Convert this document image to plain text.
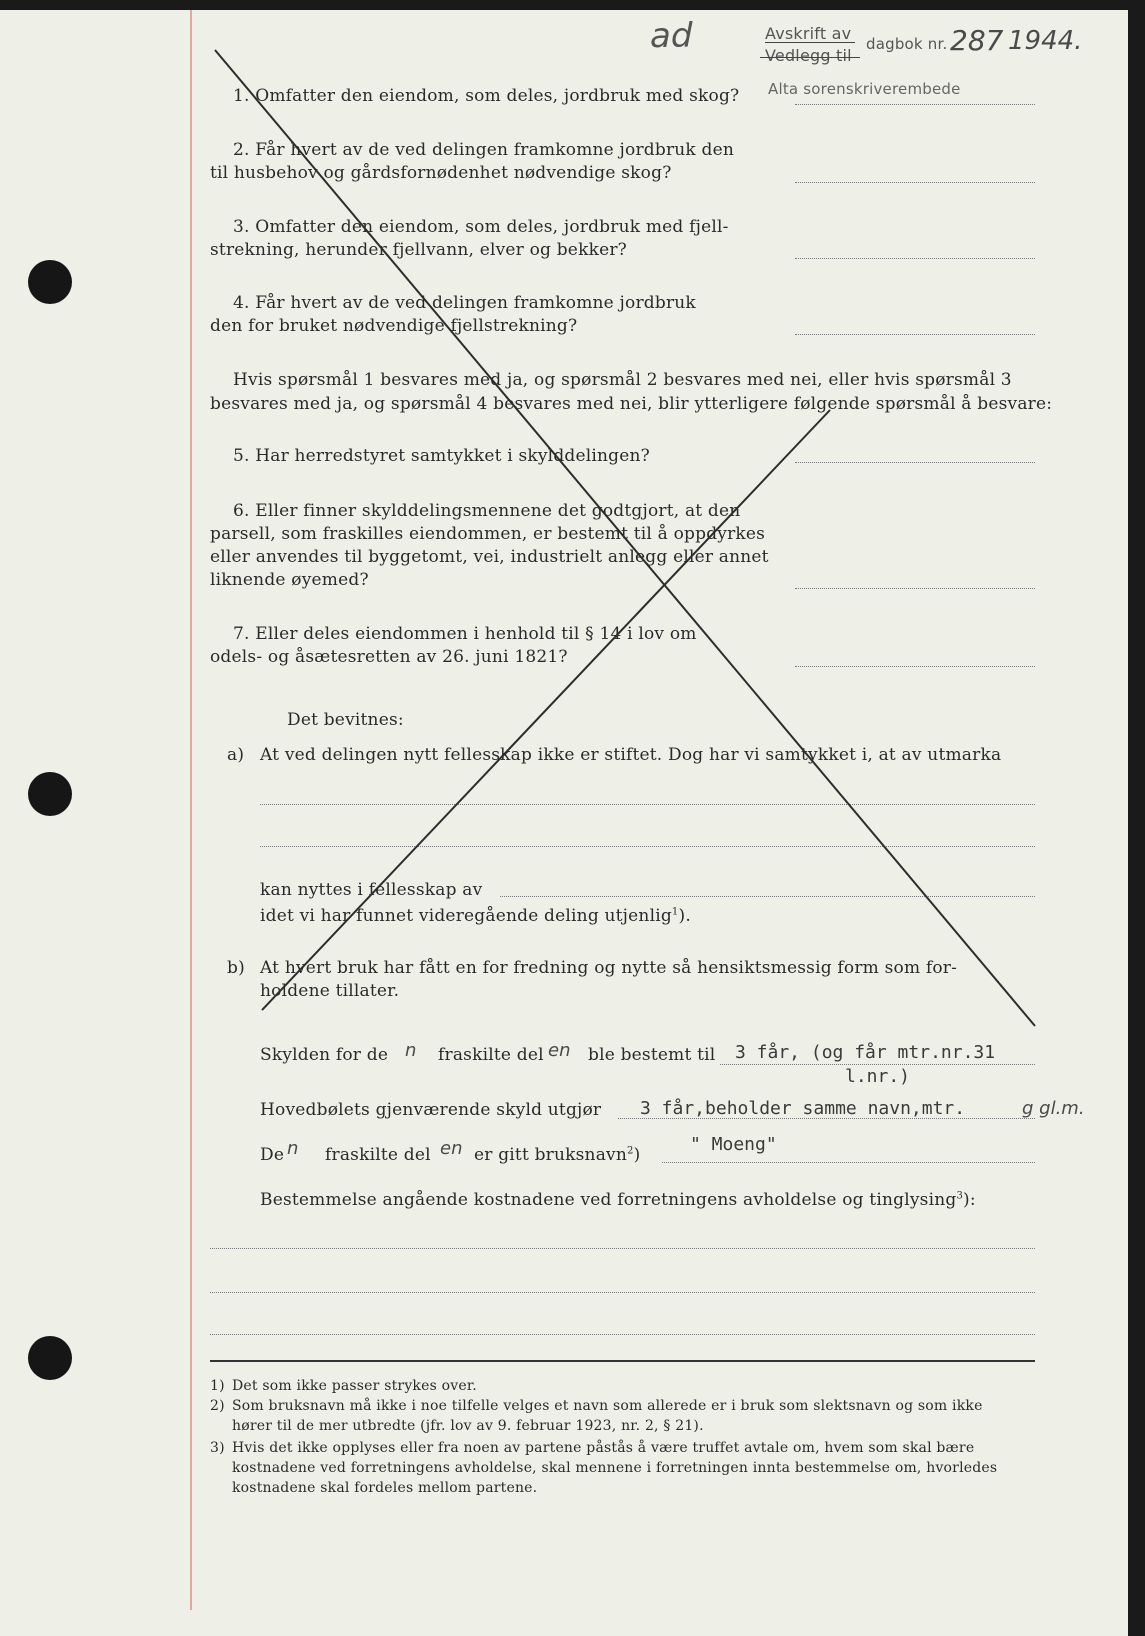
ad	Avskrift av
Vedlegg til
dagbok nr. 287 1944.
Alta sorenskriverembede
1. Omfatter den eiendom, som deles, jordbruk med skog?
2. Får hvert av de ved delingen framkomne jordbruk den
til husbehov og gårdsfornødenhet nødvendige skog?
3. Omfatter den eiendom, som deles, jordbruk med fjell-
strekning, herunder fjellvann, elver og bekker?
4. Får hvert av de ved delingen framkomne jordbruk
den for bruket nødvendige fjellstrekning?
Hvis spørsmål 1 besvares med ja, og spørsmål 2 besvares med nei, eller hvis spørsmål 3
besvares med ja, og spørsmål 4 besvares med nei, blir ytterligere følgende spørsmål å besvare:
5. Har herredstyret samtykket i skylddelingen?
6. Eller finner skylddelingsmennene det godtgjort, at den
parsell, som fraskilles eiendommen, er bestemt til å oppdyrkes
eller anvendes til byggetomt, vei, industrielt anlegg eller annet
liknende øyemed?
7. Eller deles eiendommen i henhold til § 14 i lov om
odels- og åsætesretten av 26. juni 1821?
Det bevitnes:
a) At ved delingen nytt fellesskap ikke er stiftet. Dog har vi samtykket i, at av utmarka
kan nyttes i fellesskap av
idet vi har funnet videregående deling utjenlig$^1$).
b) At hvert bruk har fått en for fredning og nytte så hensiktsmessig form som for-
holdene tillater.
Skylden for de n fraskilte del en ble bestemt til 3 får, (og får mtr.nr.31
l.nr.)
Hovedbølets gjenværende skyld utgjør 3 får,beholder samme navn,mtr.	g gl.m.
De n fraskilte del en er gitt bruksnavn$^2$)	" Moeng"
Bestemmelse angående kostnadene ved forretningens avholdelse og tinglysing$^3$):
1) Det som ikke passer strykes over.
2) Som bruksnavn må ikke i noe tilfelle velges et navn som allerede er i bruk som slektsnavn og som ikke
hører til de mer utbredte (jfr. lov av 9. februar 1923, nr. 2, § 21).
3) Hvis det ikke opplyses eller fra noen av partene påstås å være truffet avtale om, hvem som skal bære
kostnadene ved forretningens avholdelse, skal mennene i forretningen innta bestemmelse om, hvorledes
kostnadene skal fordeles mellom partene.
